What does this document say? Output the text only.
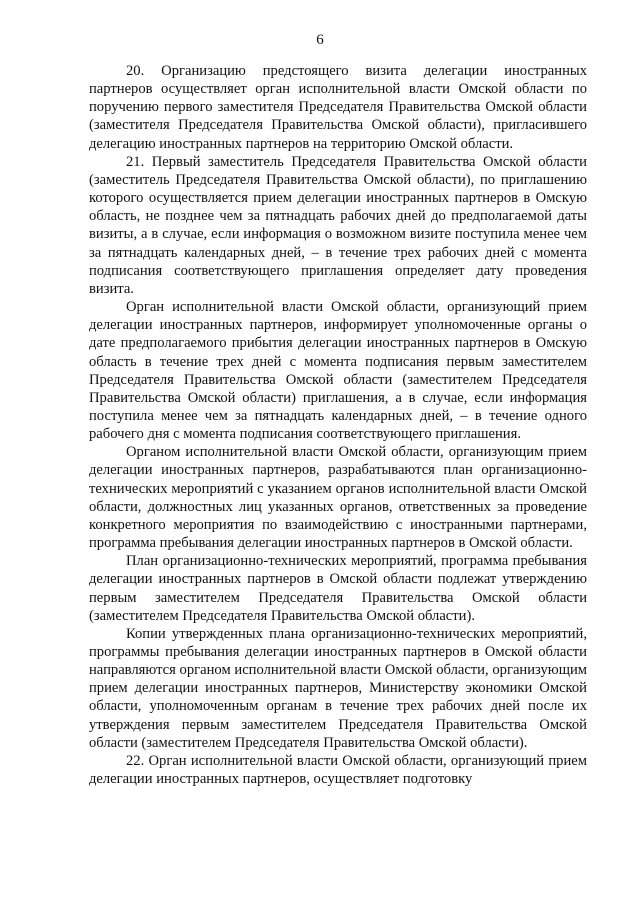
6

20. Организацию предстоящего визита делегации иностранных партнеров осуществляет орган исполнительной власти Омской области по поручению первого заместителя Председателя Правительства Омской области (заместителя Председателя Правительства Омской области), пригласившего делегацию иностранных партнеров на территорию Омской области.

21. Первый заместитель Председателя Правительства Омской области (заместитель Председателя Правительства Омской области), по приглашению которого осуществляется прием делегации иностранных партнеров в Омскую область, не позднее чем за пятнадцать рабочих дней до предполагаемой даты визиты, а в случае, если информация о возможном визите поступила менее чем за пятнадцать календарных дней, – в течение трех рабочих дней с момента подписания соответствующего приглашения определяет дату проведения визита.

Орган исполнительной власти Омской области, организующий прием делегации иностранных партнеров, информирует уполномоченные органы о дате предполагаемого прибытия делегации иностранных партнеров в Омскую область в течение трех дней с момента подписания первым заместителем Председателя Правительства Омской области (заместителем Председателя Правительства Омской области) приглашения, а в случае, если информация поступила менее чем за пятнадцать календарных дней, – в течение одного рабочего дня с момента подписания соответствующего приглашения.

Органом исполнительной власти Омской области, организующим прием делегации иностранных партнеров, разрабатываются план организационно-технических мероприятий с указанием органов исполнительной власти Омской области, должностных лиц указанных органов, ответственных за проведение конкретного мероприятия по взаимодействию с иностранными партнерами, программа пребывания делегации иностранных партнеров в Омской области.

План организационно-технических мероприятий, программа пребывания делегации иностранных партнеров в Омской области подлежат утверждению первым заместителем Председателя Правительства Омской области (заместителем Председателя Правительства Омской области).

Копии утвержденных плана организационно-технических мероприятий, программы пребывания делегации иностранных партнеров в Омской области направляются органом исполнительной власти Омской области, организующим прием делегации иностранных партнеров, Министерству экономики Омской области, уполномоченным органам в течение трех рабочих дней после их утверждения первым заместителем Председателя Правительства Омской области (заместителем Председателя Правительства Омской области).

22. Орган исполнительной власти Омской области, организующий прием делегации иностранных партнеров, осуществляет подготовку
